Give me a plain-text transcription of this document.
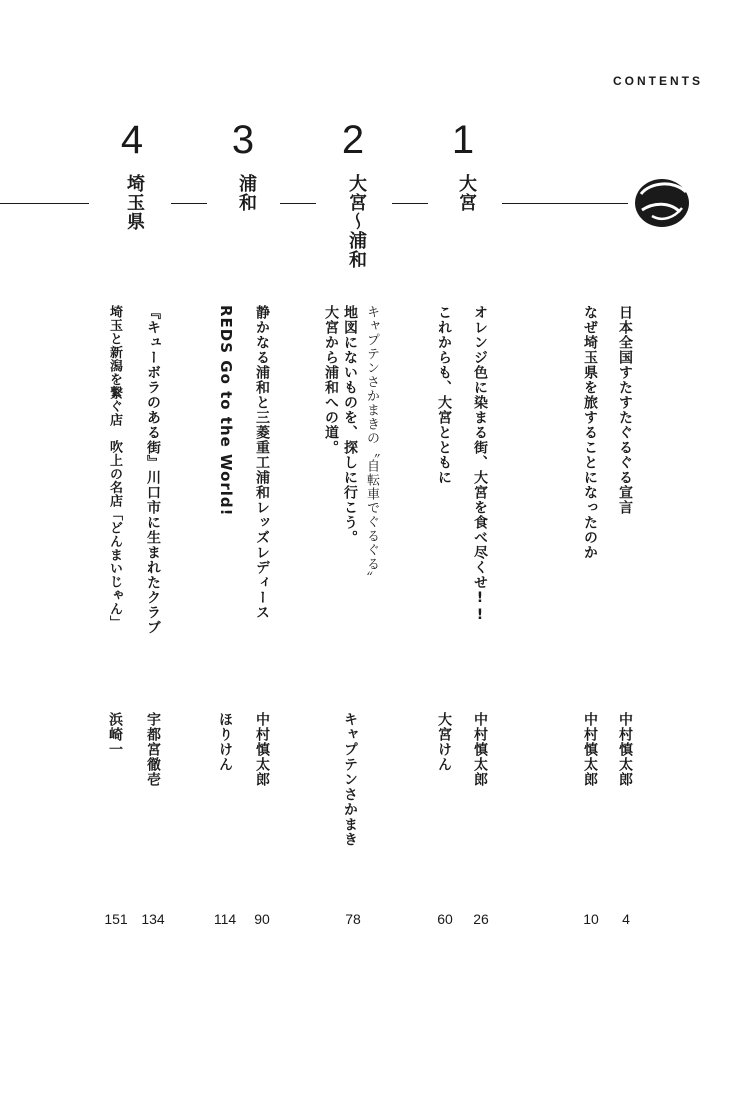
CONTENTS
1
2
3
4
大宮
大宮～浦和
浦和
埼玉県
日本全国すたすたぐるぐる宣言
なぜ埼玉県を旅することになったのか
オレンジ色に染まる街、大宮を食べ尽くせ!!
これからも、大宮とともに
キャプテンさかまきの〝自転車でぐるぐる〟
地図にないものを、探しに行こう。
大宮から浦和への道。
静かなる浦和と三菱重工浦和レッズレディース
REDS Go to the World!
『キューボラのある街』川口市に生まれたクラブ
埼玉と新潟を繋ぐ店　吹上の名店「どんまいじゃん」
中村慎太郎
中村慎太郎
中村慎太郎
大宮けん
キャプテンさかまき
中村慎太郎
ほりけん
宇都宮徹壱
浜崎一
4
10
26
60
78
90
114
134
151
